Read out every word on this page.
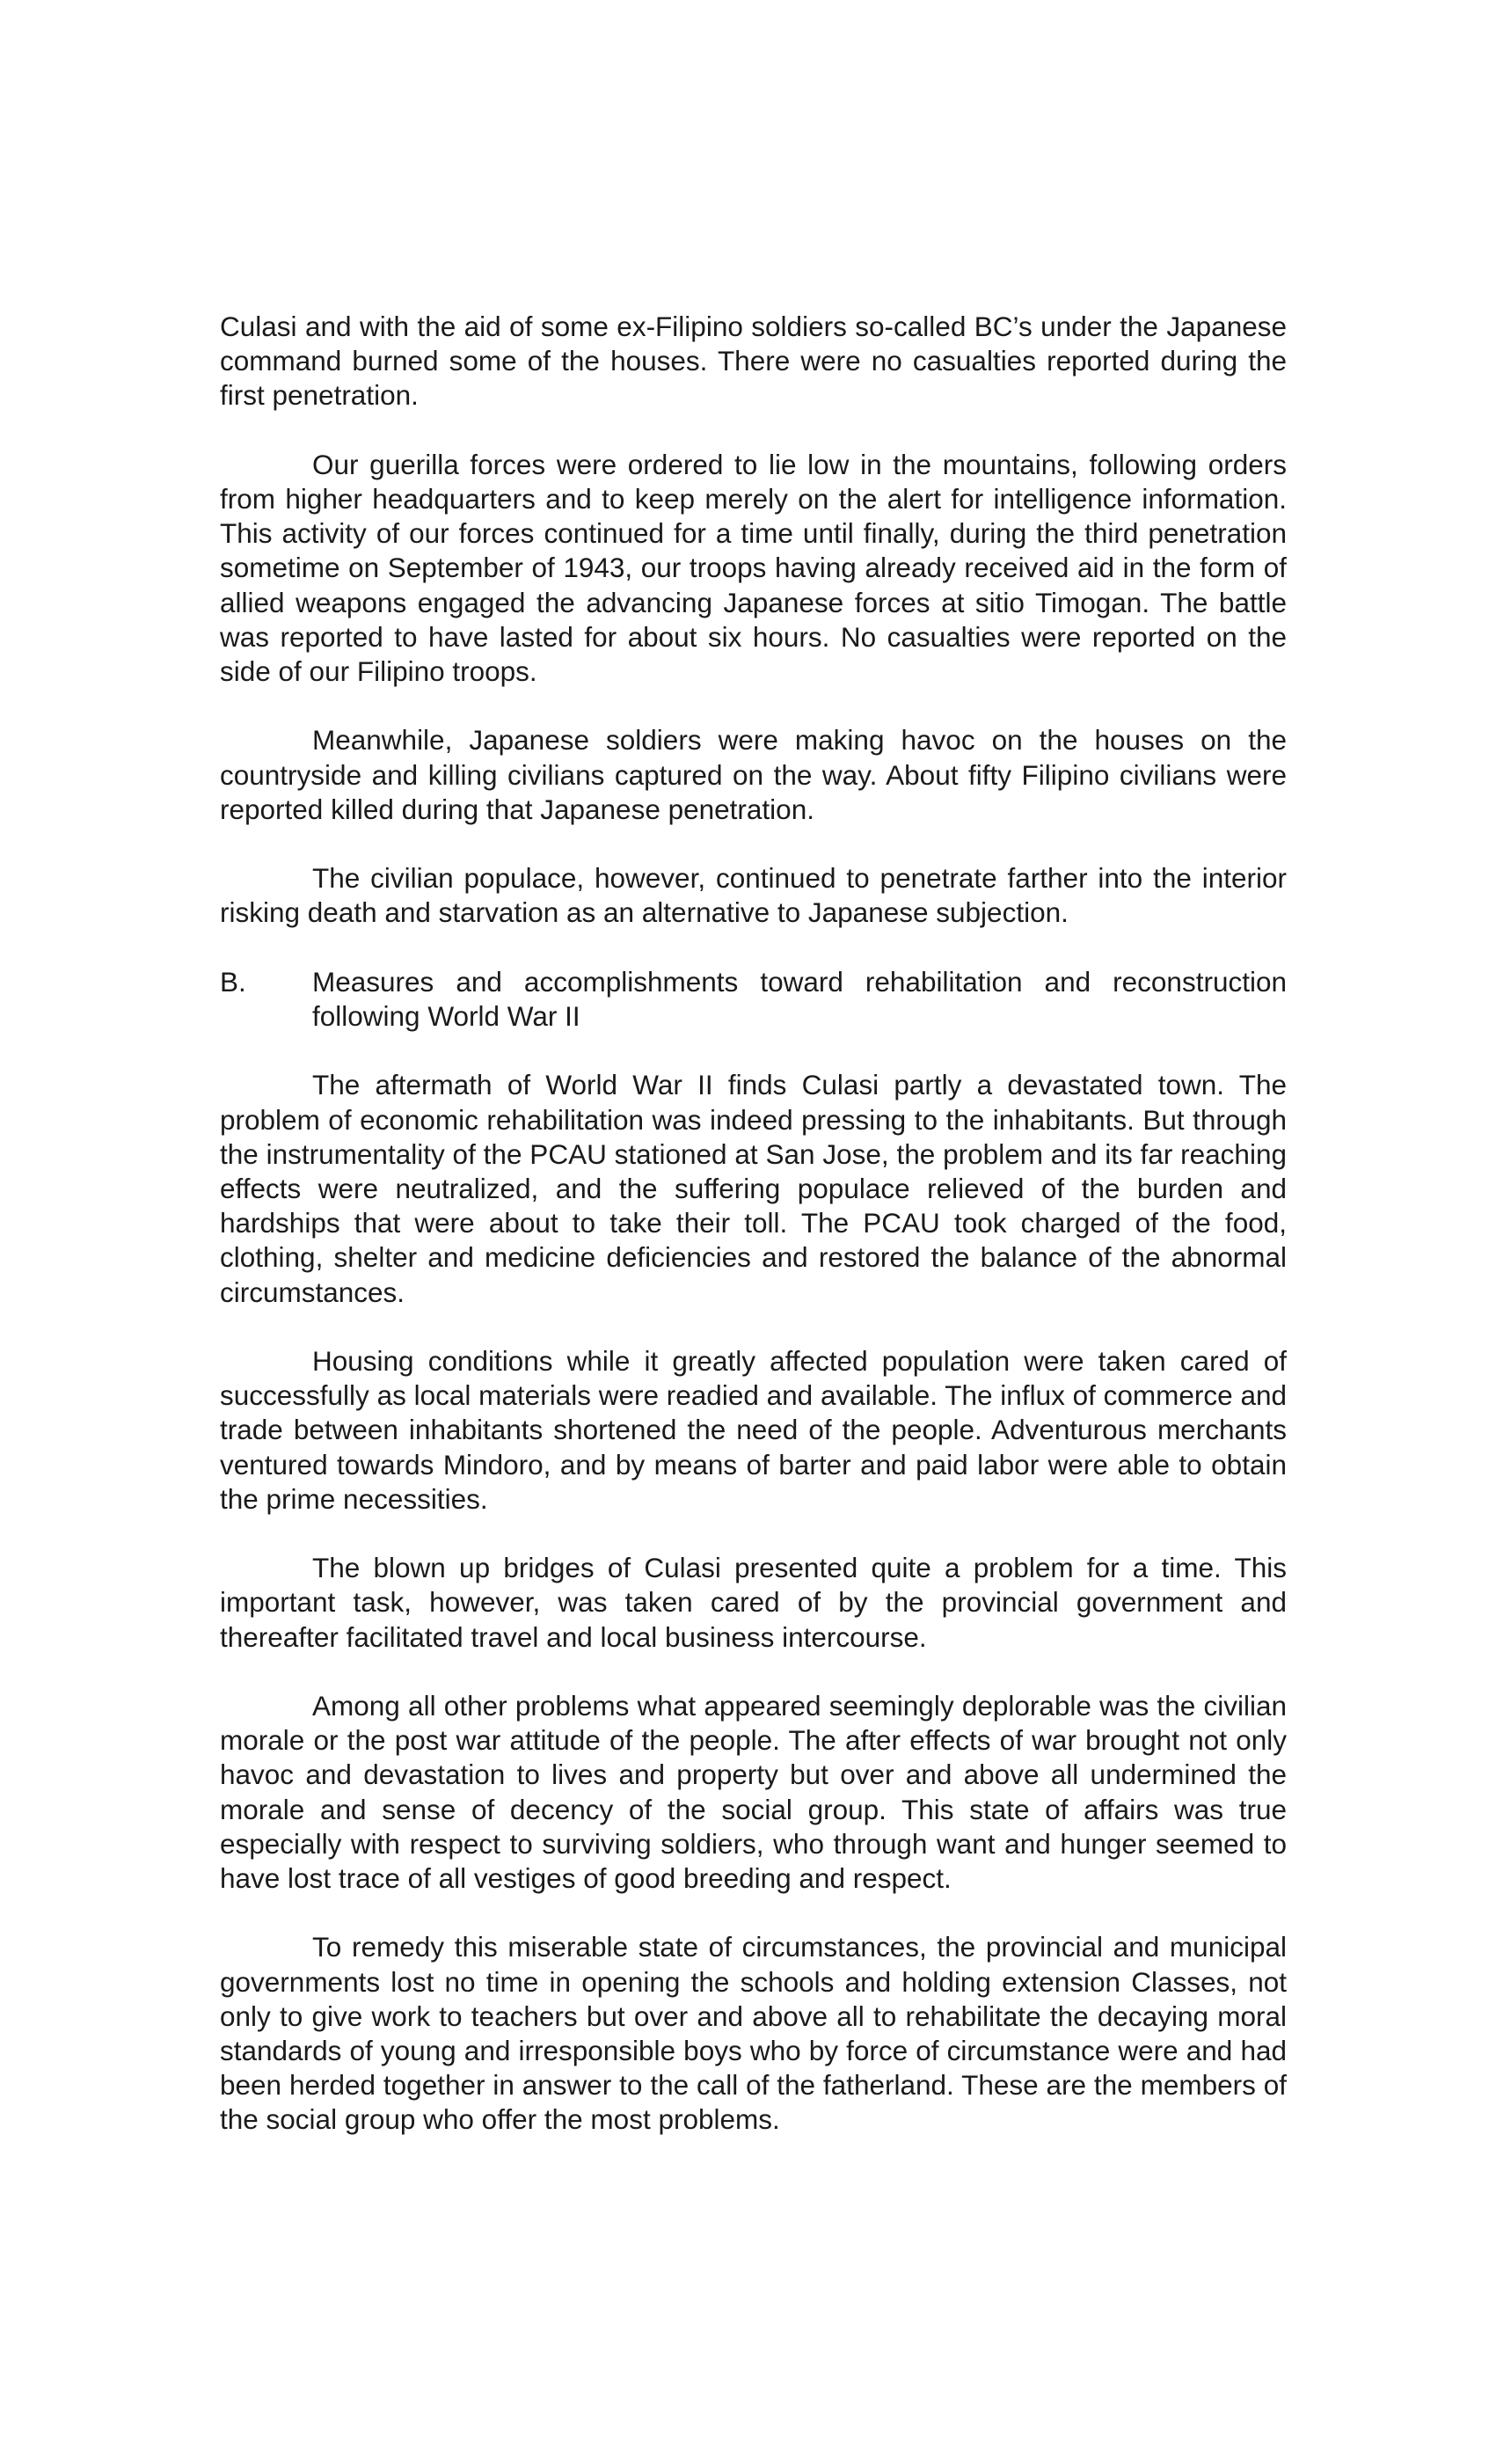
Culasi and with the aid of some ex-Filipino soldiers so-called BC’s under the Japanese command burned some of the houses. There were no casualties reported during the first penetration.

Our guerilla forces were ordered to lie low in the mountains, following orders from higher headquarters and to keep merely on the alert for intelligence information. This activity of our forces continued for a time until finally, during the third penetration sometime on September of 1943, our troops having already received aid in the form of allied weapons engaged the advancing Japanese forces at sitio Timogan. The battle was reported to have lasted for about six hours. No casualties were reported on the side of our Filipino troops.

Meanwhile, Japanese soldiers were making havoc on the houses on the countryside and killing civilians captured on the way. About fifty Filipino civilians were reported killed during that Japanese penetration.

The civilian populace, however, continued to penetrate farther into the interior risking death and starvation as an alternative to Japanese subjection.

B.	Measures and accomplishments toward rehabilitation and reconstruction following World War II

The aftermath of World War II finds Culasi partly a devastated town. The problem of economic rehabilitation was indeed pressing to the inhabitants. But through the instrumentality of the PCAU stationed at San Jose, the problem and its far reaching effects were neutralized, and the suffering populace relieved of the burden and hardships that were about to take their toll. The PCAU took charged of the food, clothing, shelter and medicine deficiencies and restored the balance of the abnormal circumstances.

Housing conditions while it greatly affected population were taken cared of successfully as local materials were readied and available. The influx of commerce and trade between inhabitants shortened the need of the people. Adventurous merchants ventured towards Mindoro, and by means of barter and paid labor were able to obtain the prime necessities.

The blown up bridges of Culasi presented quite a problem for a time. This important task, however, was taken cared of by the provincial government and thereafter facilitated travel and local business intercourse.

Among all other problems what appeared seemingly deplorable was the civilian morale or the post war attitude of the people. The after effects of war brought not only havoc and devastation to lives and property but over and above all undermined the morale and sense of decency of the social group. This state of affairs was true especially with respect to surviving soldiers, who through want and hunger seemed to have lost trace of all vestiges of good breeding and respect.

To remedy this miserable state of circumstances, the provincial and municipal governments lost no time in opening the schools and holding extension Classes, not only to give work to teachers but over and above all to rehabilitate the decaying moral standards of young and irresponsible boys who by force of circumstance were and had been herded together in answer to the call of the fatherland. These are the members of the social group who offer the most problems.
